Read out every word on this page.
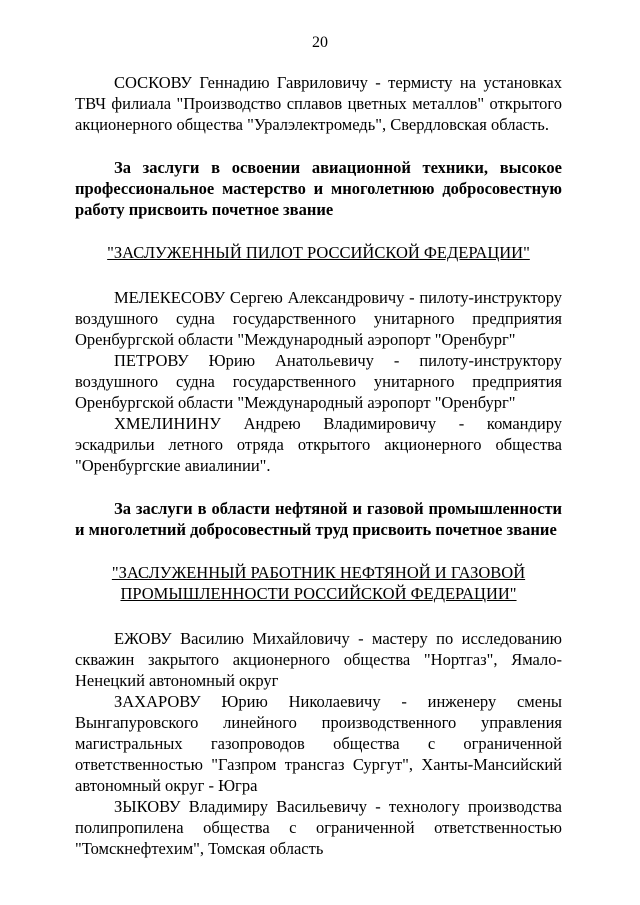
20

СОСКОВУ Геннадию Гавриловичу - термисту на установках ТВЧ филиала "Производство сплавов цветных металлов" открытого акционерного общества "Уралэлектромедь", Свердловская область.

За заслуги в освоении авиационной техники, высокое профессиональное мастерство и многолетнюю добросовестную работу присвоить почетное звание

"ЗАСЛУЖЕННЫЙ ПИЛОТ РОССИЙСКОЙ ФЕДЕРАЦИИ"

МЕЛЕКЕСОВУ Сергею Александровичу - пилоту-инструктору воздушного судна государственного унитарного предприятия Оренбургской области "Международный аэропорт "Оренбург"

ПЕТРОВУ Юрию Анатольевичу - пилоту-инструктору воздушного судна государственного унитарного предприятия Оренбургской области "Международный аэропорт "Оренбург"

ХМЕЛИНИНУ Андрею Владимировичу - командиру эскадрильи летного отряда открытого акционерного общества "Оренбургские авиалинии".

За заслуги в области нефтяной и газовой промышленности и многолетний добросовестный труд присвоить почетное звание

"ЗАСЛУЖЕННЫЙ РАБОТНИК НЕФТЯНОЙ И ГАЗОВОЙ

ПРОМЫШЛЕННОСТИ РОССИЙСКОЙ ФЕДЕРАЦИИ"

ЕЖОВУ Василию Михайловичу - мастеру по исследованию скважин закрытого акционерного общества "Нортгаз", Ямало-Ненецкий автономный округ

ЗАХАРОВУ Юрию Николаевичу - инженеру смены Вынгапуровского линейного производственного управления магистральных газопроводов общества с ограниченной ответственностью "Газпром трансгаз Сургут", Ханты-Мансийский автономный округ - Югра

ЗЫКОВУ Владимиру Васильевичу - технологу производства полипропилена общества с ограниченной ответственностью "Томскнефтехим", Томская область
